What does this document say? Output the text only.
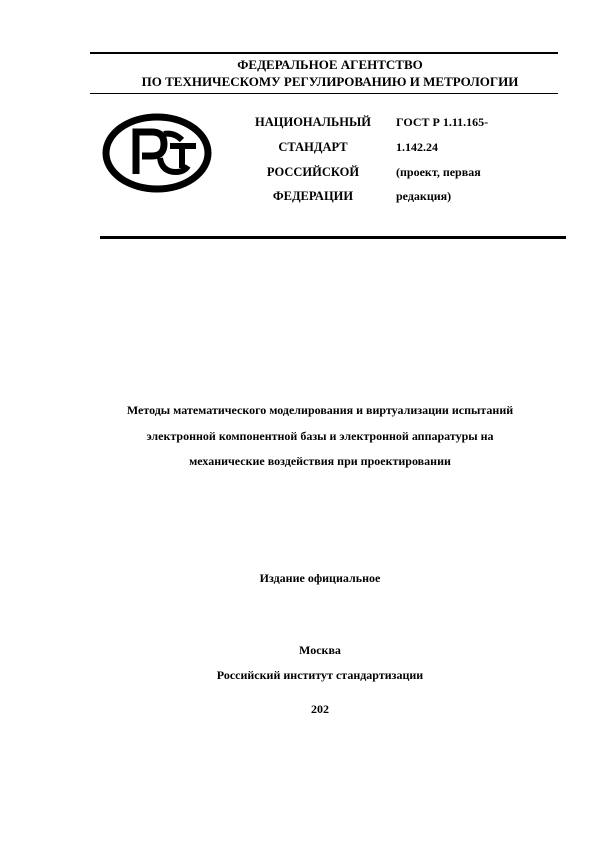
ФЕДЕРАЛЬНОЕ АГЕНТСТВО
ПО ТЕХНИЧЕСКОМУ РЕГУЛИРОВАНИЮ И МЕТРОЛОГИИ
НАЦИОНАЛЬНЫЙ
СТАНДАРТ
РОССИЙСКОЙ
ФЕДЕРАЦИИ
ГОСТ Р 1.11.165-
1.142.24
(проект, первая
редакция)
Методы математического моделирования и виртуализации испытаний
электронной компонентной базы и электронной аппаратуры на
механические воздействия при проектировании
Издание официальное
Москва
Российский институт стандартизации
202
